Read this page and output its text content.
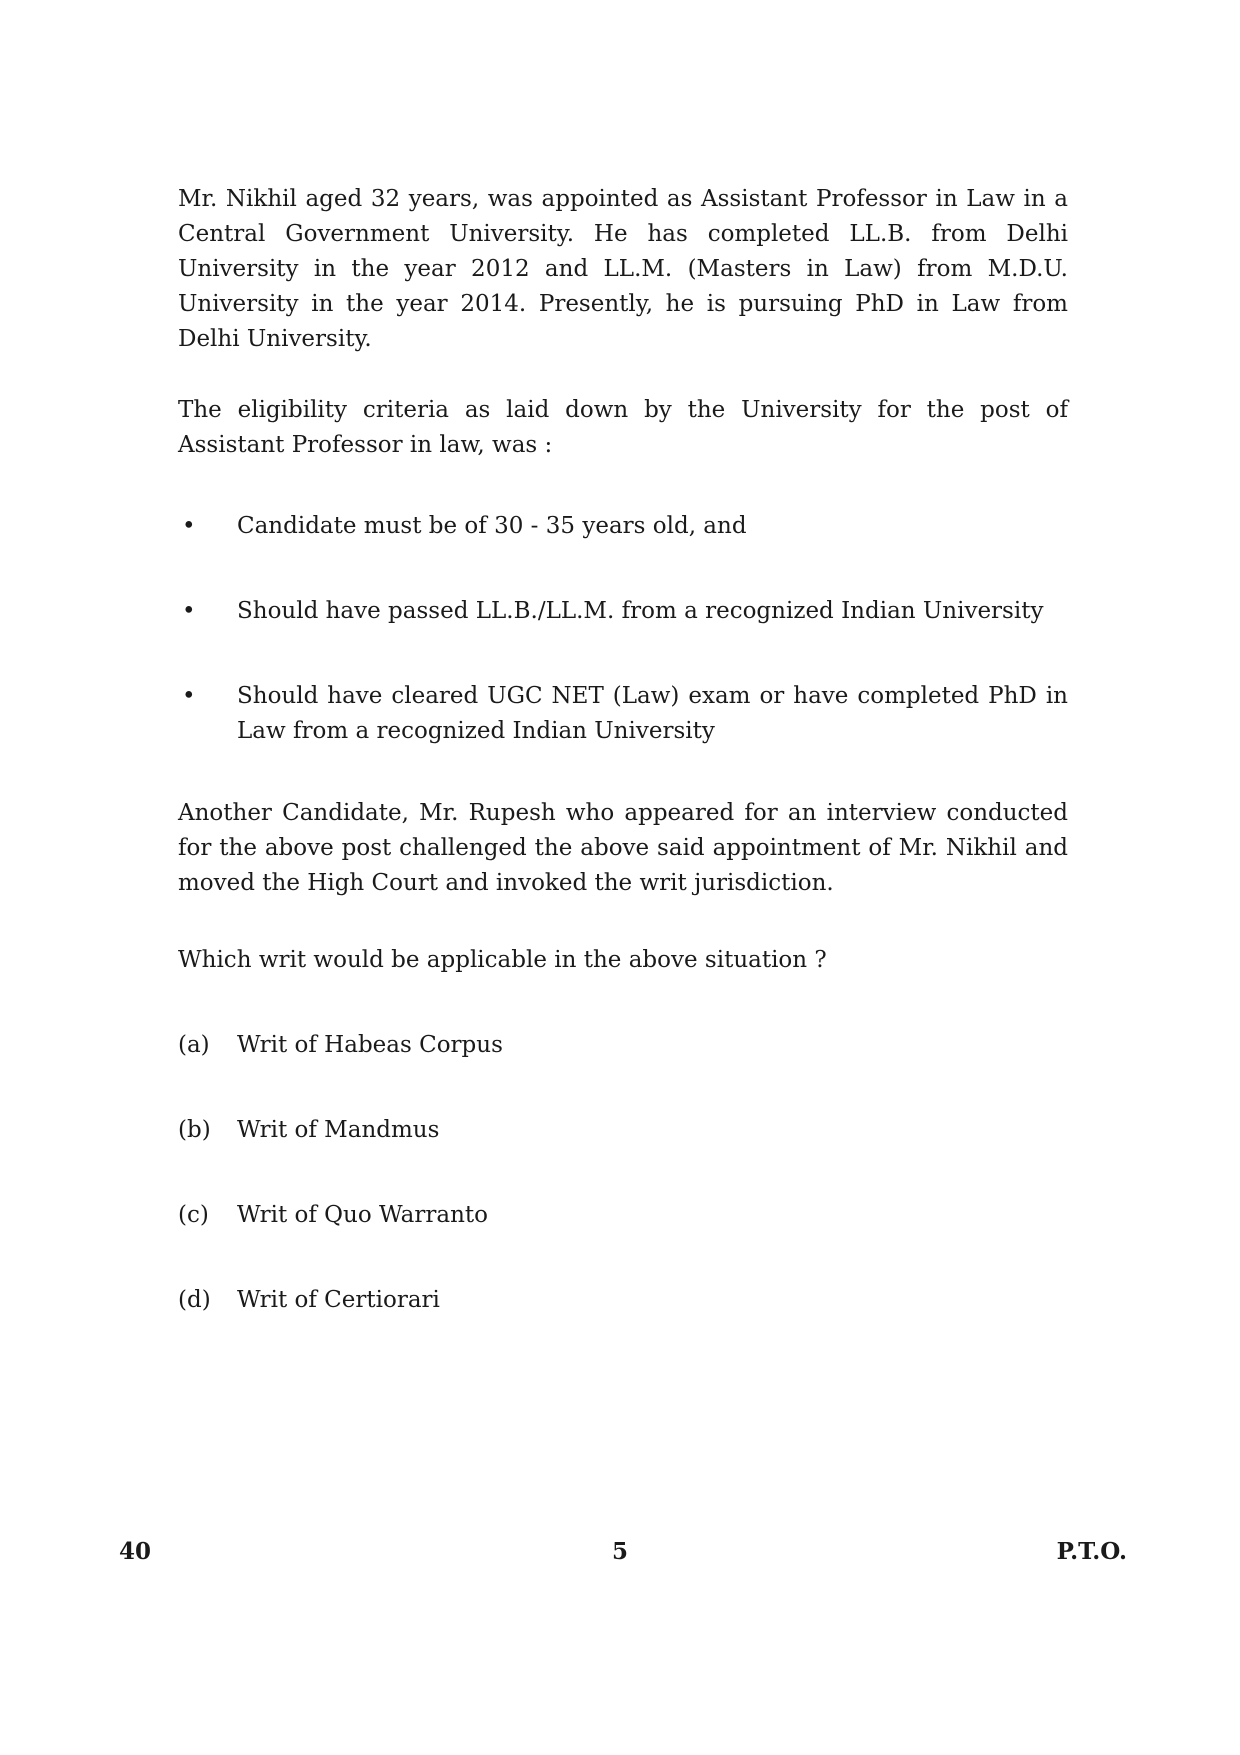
Mr. Nikhil aged 32 years, was appointed as Assistant Professor in Law in a Central Government University. He has completed LL.B. from Delhi University in the year 2012 and LL.M. (Masters in Law) from M.D.U. University in the year 2014. Presently, he is pursuing PhD in Law from Delhi University.

The eligibility criteria as laid down by the University for the post of Assistant Professor in law, was :

•	Candidate must be of 30 - 35 years old, and
•	Should have passed LL.B./LL.M. from a recognized Indian University
•	Should have cleared UGC NET (Law) exam or have completed PhD in Law from a recognized Indian University

Another Candidate, Mr. Rupesh who appeared for an interview conducted for the above post challenged the above said appointment of Mr. Nikhil and moved the High Court and invoked the writ jurisdiction.

Which writ would be applicable in the above situation ?

(a)	Writ of Habeas Corpus
(b)	Writ of Mandmus
(c)	Writ of Quo Warranto
(d)	Writ of Certiorari
40	5	P.T.O.
